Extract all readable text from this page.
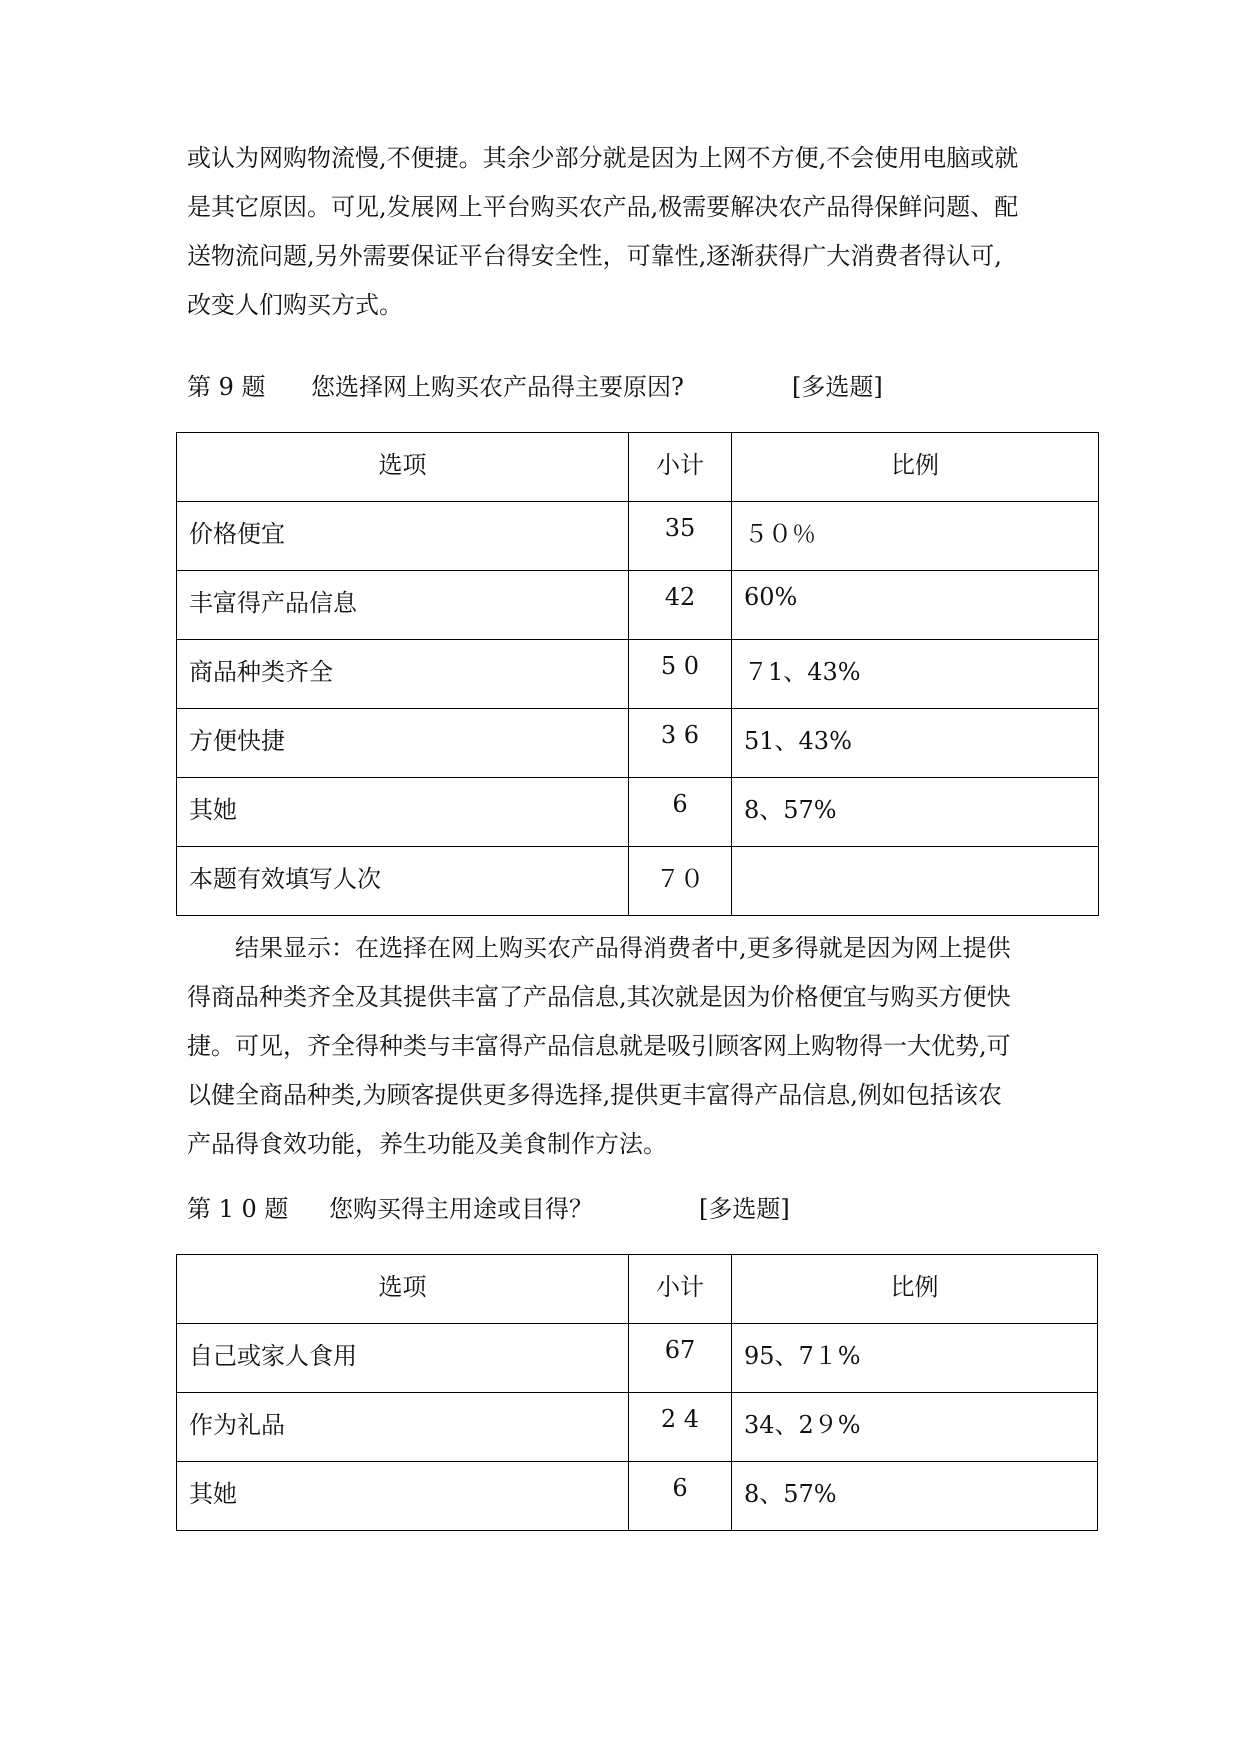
或认为网购物流慢,不便捷。其余少部分就是因为上网不方便,不会使用电脑或就
是其它原因。可见,发展网上平台购买农产品,极需要解决农产品得保鲜问题、配
送物流问题,另外需要保证平台得安全性，可靠性,逐渐获得广大消费者得认可,
改变人们购买方式。
第 9 题 您选择网上购买农产品得主要原因?	[多选题]
选项	小计	比例
价格便宜	35	５０％
丰富得产品信息	42	60%
商品种类齐全	5 0	７1、43%
方便快捷	3 6	51、43%
其她	6	8、57%
本题有效填写人次	７０	
结果显示：在选择在网上购买农产品得消费者中,更多得就是因为网上提供
得商品种类齐全及其提供丰富了产品信息,其次就是因为价格便宜与购买方便快
捷。可见，齐全得种类与丰富得产品信息就是吸引顾客网上购物得一大优势,可
以健全商品种类,为顾客提供更多得选择,提供更丰富得产品信息,例如包括该农
产品得食效功能，养生功能及美食制作方法。
第 1 0 题 您购买得主用途或目得？	[多选题]
选项	小计	比例
自己或家人食用	67	95、7１%
作为礼品	2 4	34、2９%
其她	6	8、57%
